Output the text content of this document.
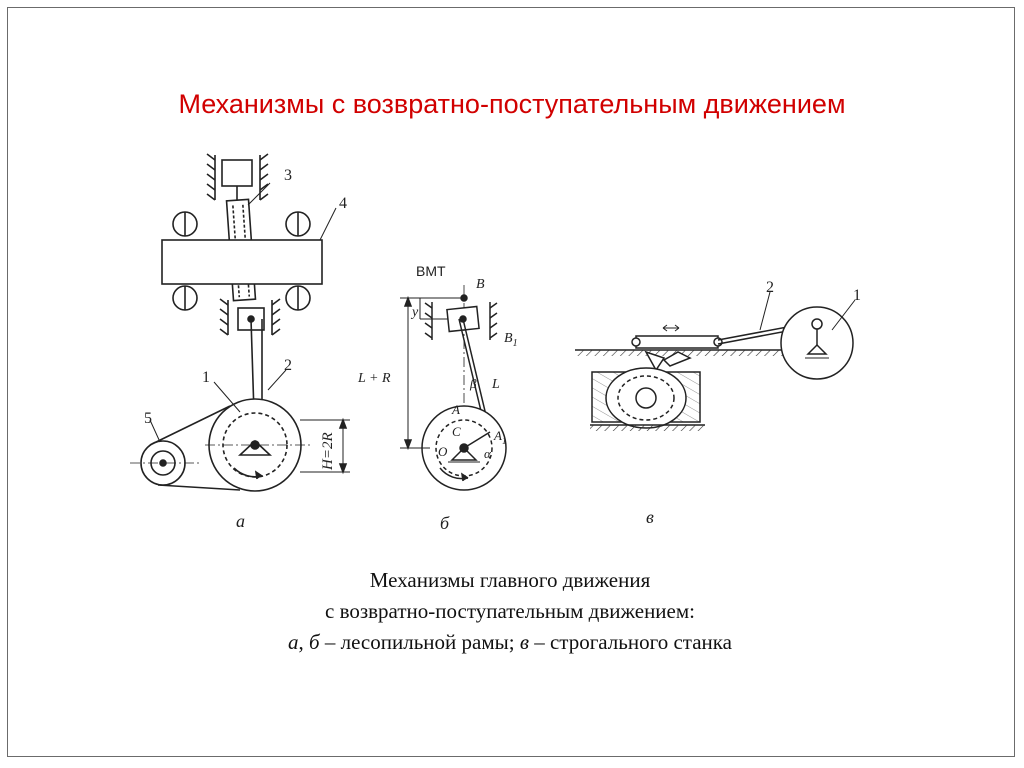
Механизмы с возвратно-поступательным движением
3
4
1
2
5
H=2R
а
ВМТ
B
$B_1$
y
L + R	β L
A
C
O
$A_1$
α
б
2	1
в
Механизмы главного движения
с возвратно-поступательным движением:
а, б – лесопильной рамы; в – строгального станка
